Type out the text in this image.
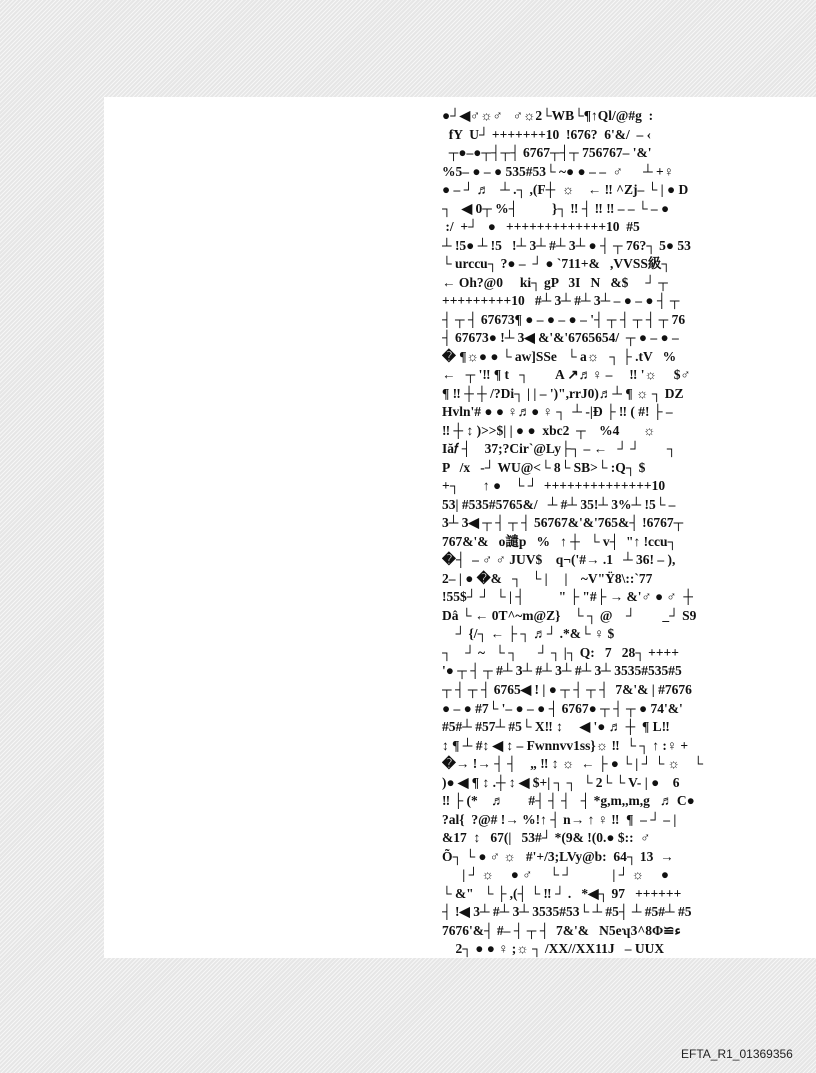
●┘◀♂☼♂   ♂☼2└WB└¶↑Ql/@#g  :
fY  U┘ +++++++10  !676?  6'&/  – ‹
┬●–●┬┤┬┤ 6767┬┤┬ 756767– '&'
%5– ● – ● 535#53└ ~● ● – –  ♂      ┴ +♀
● – ┘ ♬   ┴ .┐ ,(F┼  ☼    ← ‼ ^Zj– └ | ● D
┐   ◀ 0┬ %┤          }┐ ‼ ┤ ‼ ‼ – – └ – ●
:/  +┘   ●   +++++++++++++10  #5
┴ !5● ┴ !5   !┴ 3┴ #┴ 3┴ ● ┤ ┬ 76?┐ 5● 53
└ urccu┐ ?● –  ┘ ● `711+&   ,VVSS級┐
← Oh?@0     ki┐ gP   3I   N   &$     ┘ ┬
+++++++++10   #┴ 3┴ #┴ 3┴ – ● – ● ┤ ┬
┤ ┬ ┤ 67673¶ ● – ● – ● – '┤ ┬ ┤ ┬ ┤ ┬ 76
┤ 67673● !┴ 3◀ &'&'6765654/  ┬ ● – ● –
� ¶☼● ● └ aw]SSe   └ a☼   ┐ ├ .tV   %
←   ┬ '‼ ¶ t   ┐        A ↗♬♀ –     ‼ '☼     $♂
¶ ‼ ┼ ┼ /?Di┐ | | – ')",rrJ0)♬┴ ¶ ☼ ┐ DZ
Hvln'# ● ● ♀♬● ♀ ┐  ┴ -|Ð ├ ‼ ( #! ├ –
‼ ┼ ↕ )>>$| | ● ●  xbc2  ┬    %4       ☼
Iă𝑓 ┤    37;?Cir`@Ly├┐ – ←   ┘ ┘        ┐
P   /x   -┘ WU@<└ 8└ SB>└ :Q┐ $
+┐       ↑ ●    └ ┘  ++++++++++++++10
53| #535#5765&/   ┴ #┴ 35!┴ 3%┴ !5└ –
3┴ 3◀ ┬ ┤ ┬ ┤ 56767&'&'765&┤ !6767┬
767&'&   o譴p   %   ↑ ┼   └ v┤  "↑ !ccu┐
�┤  – ♂ ♂ JUV$    q¬('#→ .1   ┴ 36! – ),
2– | ● �&   ┐   └ |     |    ~V"Ÿ8\::`77
!55$┘ ┘  └ | ┤          " ├ "#├ → &'♂ ● ♂  ┼
Dâ └ ← 0T^~m@Z}    └ ┐ @    ┘        _┘ S9
┘ {/┐ ← ├ ┐ ♬┘ .*&└ ♀ $
┐    ┘ ~   └ ┐      ┘ ┐ |┐ Q:   7   28┐ ++++
'● ┬ ┤ ┬ #┴ 3┴ #┴ 3┴ #┴ 3┴ 3535#535#5
┬ ┤ ┬ ┤ 6765◀ ! | ● ┬ ┤ ┬ ┤  7&'& | #7676
● – ● #7└ '– ● – ● ┤ 6767● ┬ ┤ ┬ ● 74'&'
#5#┴ #57┴ #5└ X‼ ↕     ◀ '● ♬ ┼  ¶ L‼
↕ ¶ ┴ #↕ ◀ ↕ – Fwnnvv1ss}☼ ‼  └ ┐ ↑ :♀ +
�→ !→ ┤ ┤    „ ‼ ↕ ☼  ← ├ ● └ | ┘ └ ☼    └
)● ◀ ¶ ↕ .┼ ↕ ◀ $+| ┐ ┐  └ 2└ └ V- | ●    6
‼ ├ (*    ♬       #┤ ┤ ┤   ┤ *g,m,,m,g   ♬ C●
?al{  ?@# !→ %!↑ ┤ n→ ↑ ♀ ‼  ¶  – ┘ – |
&17  ↕   67(|   53#┘ *(9& !(0.● $::  ♂
Õ┐ └ ● ♂ ☼   #'+/3;LVy@b:  64┐ 13  →
| ┘ ☼     ● ♂     └ ┘            | ┘ ☼     ●
└ &"   └ ├ ,(┤ └ ‼ ┘ .   *◀┐ 97   ++++++
┤ !◀ 3┴ #┴ 3┴ 3535#53└ ┴ #5┤ ┴ #5#┴ #5
7676'&┤ #– ┤ ┬ ┤  7&'&   N5eʮ3^8Φ≌ء
2┐ ● ● ♀ ;☼ ┐ /XX//XX11J   – UUX
EFTA_R1_01369356
